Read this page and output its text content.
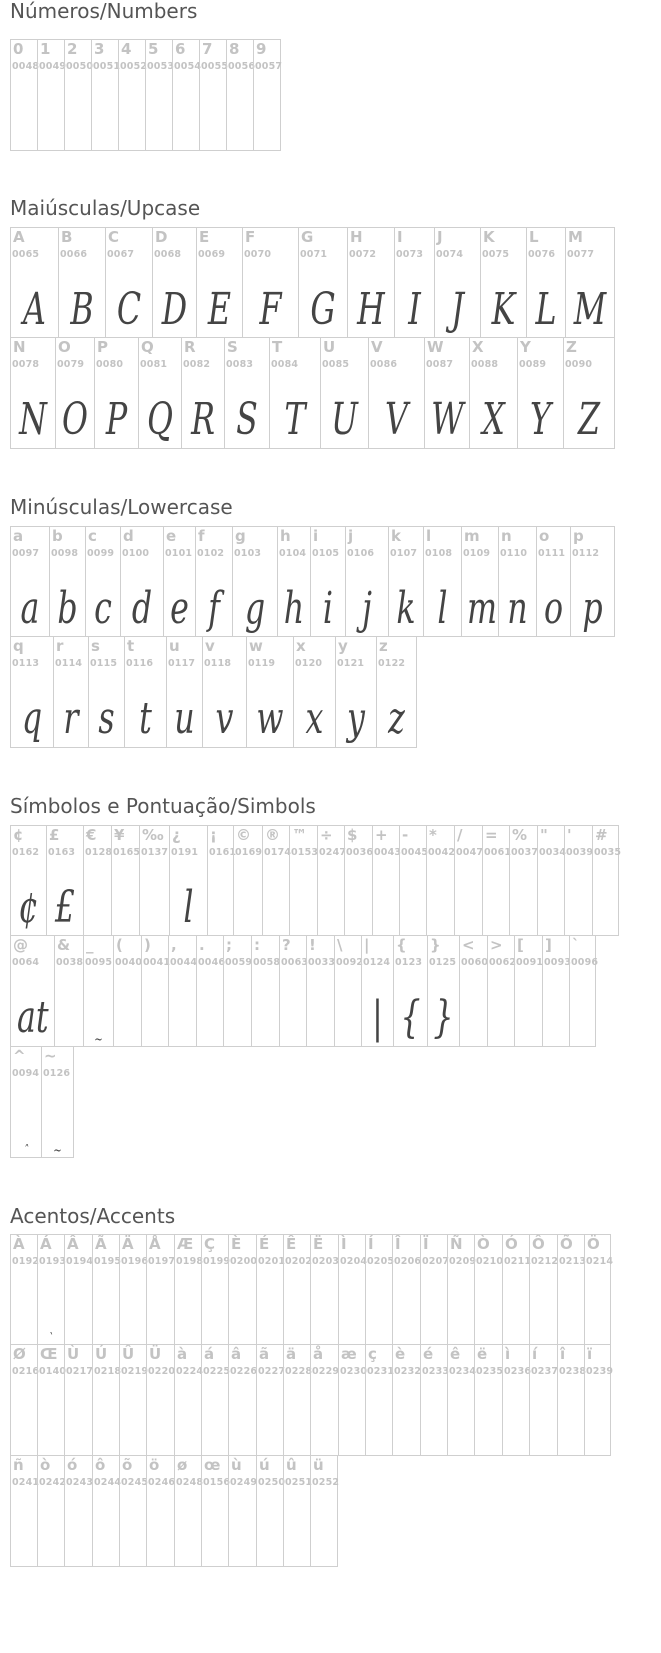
Números/Numbers
Maiúsculas/Upcase
Minúsculas/Lowercase
Símbolos e Pontuação/Simbols
Acentos/Accents
0
0048
1
0049
2
0050
3
0051
4
0052
5
0053
6
0054
7
0055
8
0056
9
0057
A
0065
A
B
0066
B
C
0067
C
D
0068
D
E
0069
E
F
0070
F
G
0071
G
H
0072
H
I
0073
I
J
0074
J
K
0075
K
L
0076
L
M
0077
M
N
0078
N
O
0079
O
P
0080
P
Q
0081
Q
R
0082
R
S
0083
S
T
0084
T
U
0085
U
V
0086
V
W
0087
W
X
0088
X
Y
0089
Y
Z
0090
Z
a
0097
a
b
0098
b
c
0099
c
d
0100
d
e
0101
e
f
0102
f
g
0103
g
h
0104
h
i
0105
i
j
0106
j
k
0107
k
l
0108
l
m
0109
m
n
0110
n
o
0111
o
p
0112
p
q
0113
q
r
0114
r
s
0115
s
t
0116
t
u
0117
u
v
0118
v
w
0119
w
x
0120
x
y
0121
y
z
0122
z
¢
0162
¢
£
0163
£
€
0128
¥
0165
‰
0137
¿
0191
l
¡
0161
©
0169
®
0174
™
0153
÷
0247
$
0036
+
0043
-
0045
*
0042
/
0047
=
0061
%
0037
"
0034
'
0039
#
0035
@
0064
at
&
0038
_
0095
~
(
0040
)
0041
,
0044
.
0046
;
0059
:
0058
?
0063
!
0033
\
0092
|
0124
|
{
0123
{
}
0125
}
<
0060
>
0062
[
0091
]
0093
`
0096
^
0094
ˆ
~
0126
~
À
0192
Á
0193
`
Â
0194
Ã
0195
Ä
0196
Å
0197
Æ
0198
Ç
0199
È
0200
É
0201
Ê
0202
Ë
0203
Ì
0204
Í
0205
Î
0206
Ï
0207
Ñ
0209
Ò
0210
Ó
0211
Ô
0212
Õ
0213
Ö
0214
Ø
0216
Œ
0140
Ù
0217
Ú
0218
Û
0219
Ü
0220
à
0224
á
0225
â
0226
ã
0227
ä
0228
å
0229
æ
0230
ç
0231
è
0232
é
0233
ê
0234
ë
0235
ì
0236
í
0237
î
0238
ï
0239
ñ
0241
ò
0242
ó
0243
ô
0244
õ
0245
ö
0246
ø
0248
œ
0156
ù
0249
ú
0250
û
0251
ü
0252
